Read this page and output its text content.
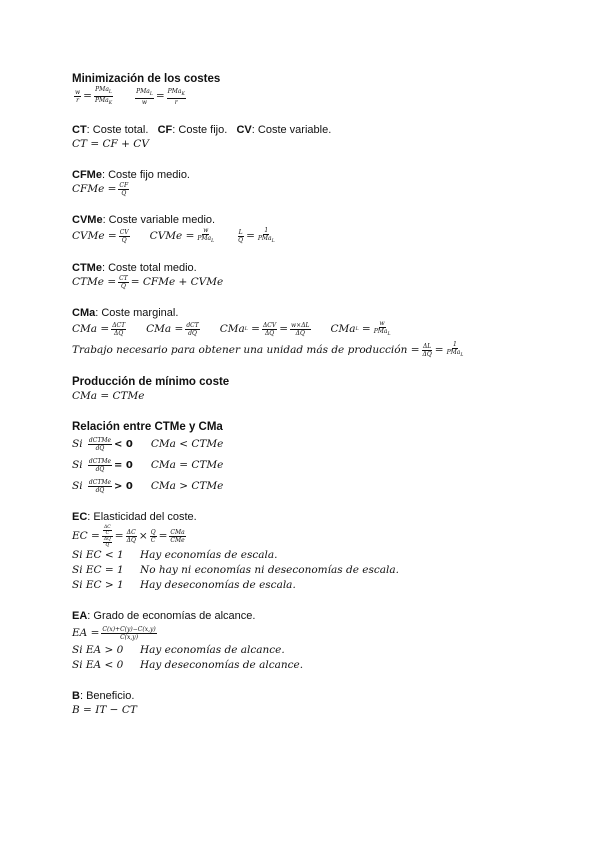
Minimización de los costes

$\frac{w}{r} = \frac{PMa_L}{PMa_K}$	$\frac{PMa_L}{w} = \frac{PMa_K}{r}$

CT: Coste total. CF: Coste fijo. CV: Coste variable.

CT = CF + CV

CFMe: Coste fijo medio.

CFMe = $\frac{CF}{Q}$

CVMe: Coste variable medio.

CVMe = $\frac{CV}{Q}$ CVMe = $\frac{w}{PMa_L}$	$\frac{L}{Q} = \frac{1}{PMa_L}$

CTMe: Coste total medio.

CTMe = $\frac{CT}{Q}$ = CFMe + CVMe

CMa: Coste marginal.

CMa = $\frac{\text{ΔCT}}{\Delta Q}$ CMa = $\frac{\text{dCT}}{dQ}$ CMa L
= $\frac{\text{ΔCV}}{\Delta Q} = \frac{w\times\Delta L}{\Delta Q}$ CMa L
= $\frac{w}{PMa_L}$
Trabajo necesario para obtener una unidad más de producción = $\frac{\Delta L}{\Delta Q} = \frac{1}{PMa_L}$

Producción de mínimo coste

CMa = CTMe

Relación entre CTMe y CMa

Si
$\frac{\text{dCTMe}}{dQ} < 0$ CMa < CTMe
Si
$\frac{\text{dCTMe}}{dQ} = 0$ CMa = CTMe
Si
$\frac{\text{dCTMe}}{dQ} > 0$ CMa > CTMe

EC: Elasticidad del coste.

EC = $\frac{\frac{\Delta C}{C}}{\frac{\Delta Q}{Q}} = \frac{\Delta C}{\Delta Q} \times \frac{Q}{C} = \frac{\text{CMa}}{\text{CMe}}$
Si EC < 1	Hay economías de escala.
Si EC = 1	No hay ni economías ni deseconomías de escala.
Si EC > 1	Hay deseconomías de escala.

EA: Grado de economías de alcance.

EA = $\frac{C(x)+C(y)-C(x,y)}{C(x,y)}$
Si EA > 0	Hay economías de alcance.
Si EA < 0	Hay deseconomías de alcance.

B: Beneficio.

B = IT − CT
